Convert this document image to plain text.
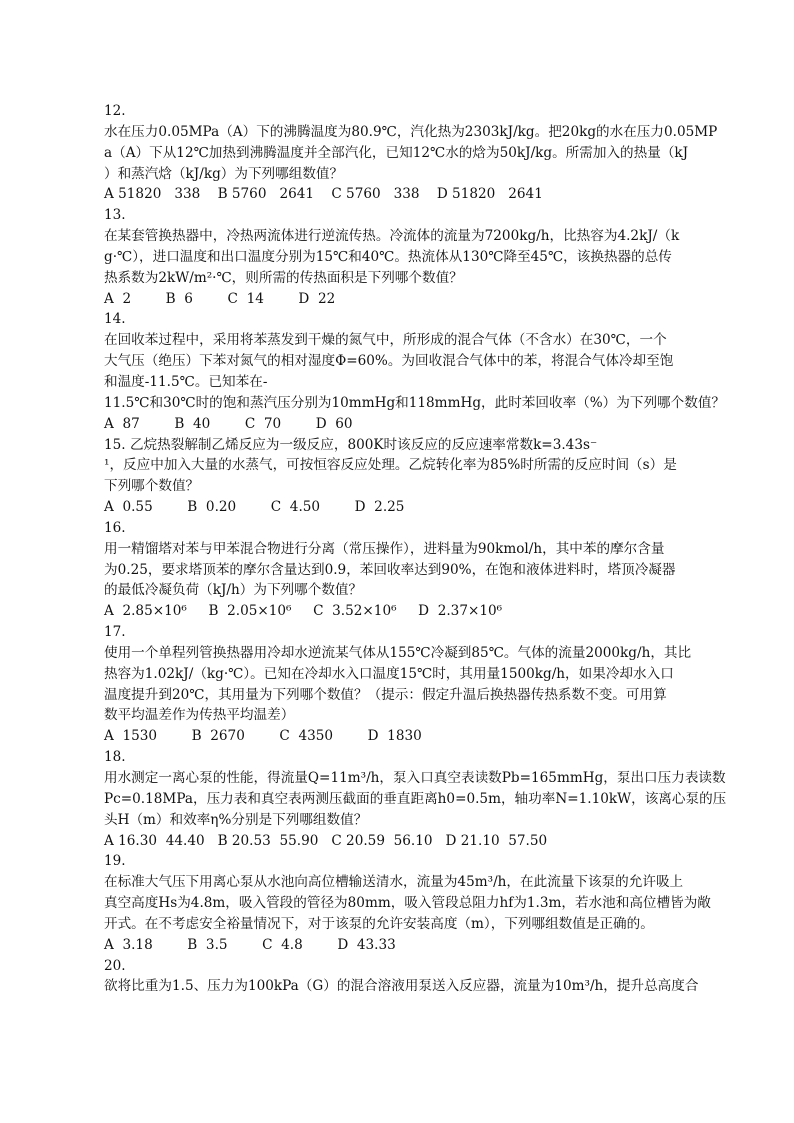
12.
水在压力0.05MPa（A）下的沸腾温度为80.9℃，汽化热为2303kJ/kg。把20kg的水在压力0.05MP
a（A）下从12℃加热到沸腾温度并全部汽化，已知12℃水的焓为50kJ/kg。所需加入的热量（kJ
）和蒸汽焓（kJ/kg）为下列哪组数值？
A 51820   338    B 5760   2641    C 5760   338    D 51820   2641
13.
在某套管换热器中，冷热两流体进行逆流传热。冷流体的流量为7200kg/h，比热容为4.2kJ/（k
g·℃），进口温度和出口温度分别为15℃和40℃。热流体从130℃降至45℃，该换热器的总传
热系数为2kW/m²·℃，则所需的传热面积是下列哪个数值？
A  2        B  6        C  14        D  22
14.
在回收苯过程中，采用将苯蒸发到干燥的氮气中，所形成的混合气体（不含水）在30℃，一个
大气压（绝压）下苯对氮气的相对湿度Φ=60%。为回收混合气体中的苯，将混合气体冷却至饱
和温度-11.5℃。已知苯在-
11.5℃和30℃时的饱和蒸汽压分别为10mmHg和118mmHg，此时苯回收率（%）为下列哪个数值？
A  87        B  40        C  70        D  60
15. 乙烷热裂解制乙烯反应为一级反应，800K时该反应的反应速率常数k=3.43s⁻
¹，反应中加入大量的水蒸气，可按恒容反应处理。乙烷转化率为85%时所需的反应时间（s）是
下列哪个数值？
A  0.55        B  0.20        C  4.50        D  2.25
16.
用一精馏塔对苯与甲苯混合物进行分离（常压操作），进料量为90kmol/h，其中苯的摩尔含量
为0.25，要求塔顶苯的摩尔含量达到0.9，苯回收率达到90%，在饱和液体进料时，塔顶冷凝器
的最低冷凝负荷（kJ/h）为下列哪个数值？
A  2.85×10⁶     B  2.05×10⁶     C  3.52×10⁶     D  2.37×10⁶
17.
使用一个单程列管换热器用冷却水逆流某气体从155℃冷凝到85℃。气体的流量2000kg/h，其比
热容为1.02kJ/（kg·℃）。已知在冷却水入口温度15℃时，其用量1500kg/h，如果冷却水入口
温度提升到20℃，其用量为下列哪个数值？（提示：假定升温后换热器传热系数不变。可用算
数平均温差作为传热平均温差）
A  1530        B  2670        C  4350        D  1830
18.
用水测定一离心泵的性能，得流量Q=11m³/h，泵入口真空表读数Pb=165mmHg，泵出口压力表读数
Pc=0.18MPa，压力表和真空表两测压截面的垂直距离h0=0.5m，轴功率N=1.10kW，该离心泵的压
头H（m）和效率η%分别是下列哪组数值？
A 16.30  44.40   B 20.53  55.90   C 20.59  56.10   D 21.10  57.50
19.
在标准大气压下用离心泵从水池向高位槽输送清水，流量为45m³/h，在此流量下该泵的允许吸上
真空高度Hs为4.8m，吸入管段的管径为80mm，吸入管段总阻力hf为1.3m，若水池和高位槽皆为敞
开式。在不考虑安全裕量情况下，对于该泵的允许安装高度（m），下列哪组数值是正确的。
A  3.18        B  3.5        C  4.8        D  43.33
20.
欲将比重为1.5、压力为100kPa（G）的混合溶液用泵送入反应器，流量为10m³/h，提升总高度合
